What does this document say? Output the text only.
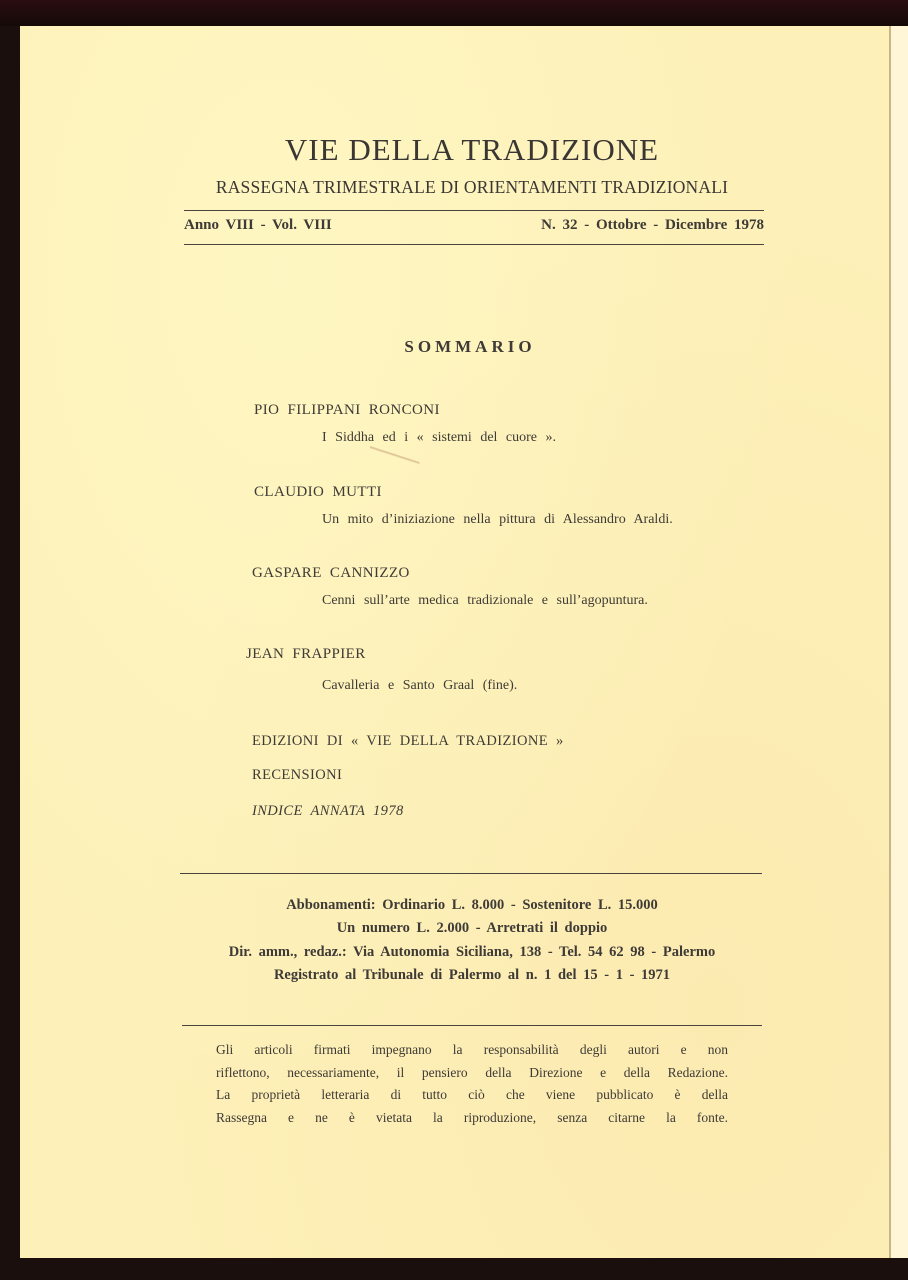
VIE DELLA TRADIZIONE
RASSEGNA TRIMESTRALE DI ORIENTAMENTI TRADIZIONALI
Anno VIII - Vol. VIII	N. 32 - Ottobre - Dicembre 1978
SOMMARIO
PIO FILIPPANI RONCONI
I Siddha ed i « sistemi del cuore ».
CLAUDIO MUTTI
Un mito d’iniziazione nella pittura di Alessandro Araldi.
GASPARE CANNIZZO
Cenni sull’arte medica tradizionale e sull’agopuntura.
JEAN FRAPPIER
Cavalleria e Santo Graal (fine).
EDIZIONI DI « VIE DELLA TRADIZIONE »
RECENSIONI
INDICE ANNATA 1978
Abbonamenti: Ordinario L. 8.000 - Sostenitore L. 15.000
Un numero L. 2.000 - Arretrati il doppio
Dir. amm., redaz.: Via Autonomia Siciliana, 138 - Tel. 54 62 98 - Palermo
Registrato al Tribunale di Palermo al n. 1 del 15 - 1 - 1971
Gli articoli firmati impegnano la responsabilità degli autori e non
riflettono, necessariamente, il pensiero della Direzione e della Redazione.
La proprietà letteraria di tutto ciò che viene pubblicato è della
Rassegna e ne è vietata la riproduzione, senza citarne la fonte.
